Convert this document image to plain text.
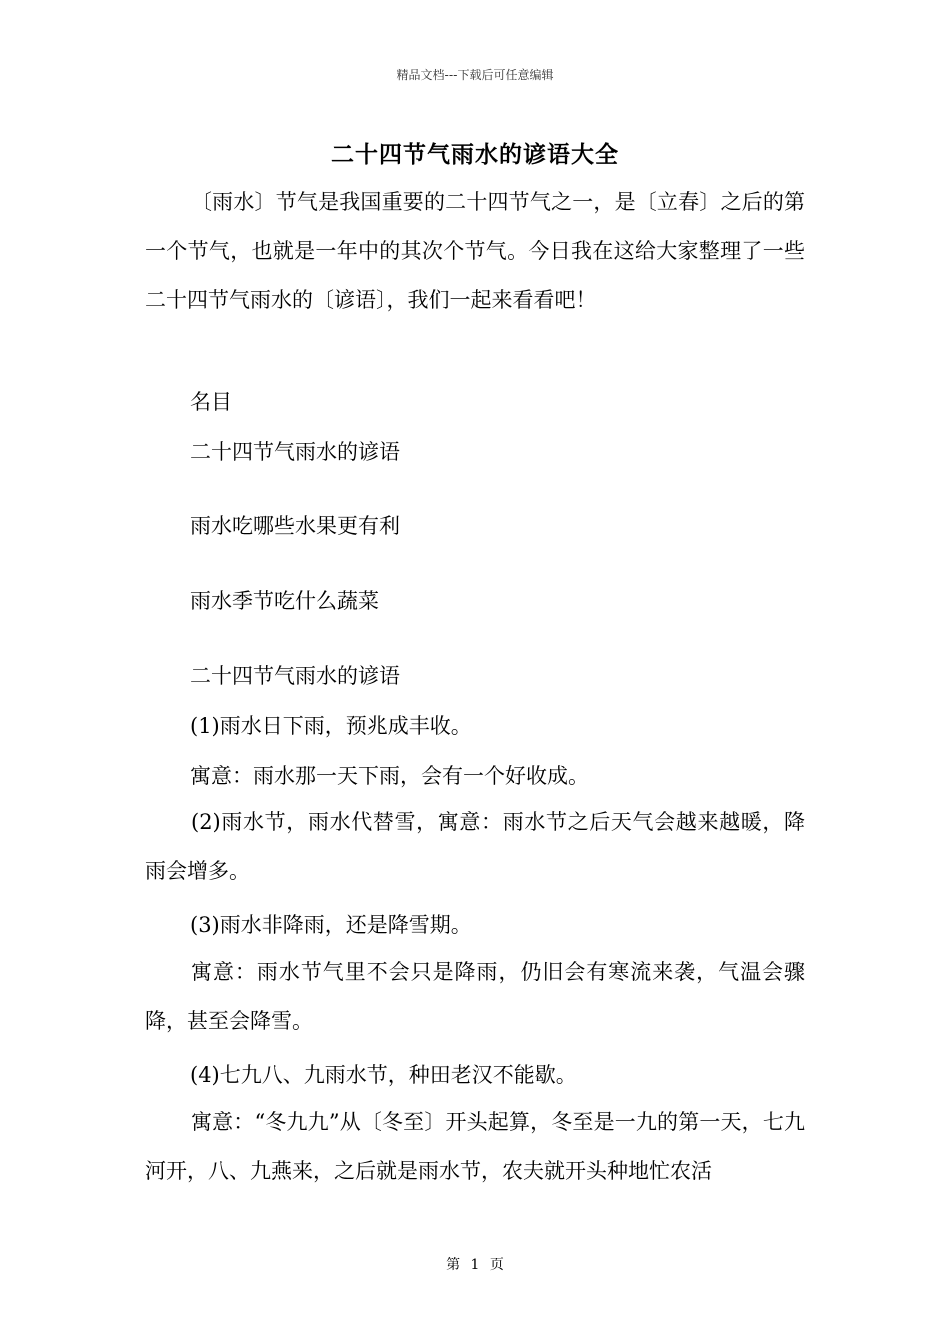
精品文档---下载后可任意编辑
二十四节气雨水的谚语大全

〔雨水〕节气是我国重要的二十四节气之一，是〔立春〕之后的第一个节气，也就是一年中的其次个节气。今日我在这给大家整理了一些二十四节气雨水的〔谚语〕，我们一起来看看吧！

名目
二十四节气雨水的谚语
雨水吃哪些水果更有利
雨水季节吃什么蔬菜
二十四节气雨水的谚语
(1)雨水日下雨，预兆成丰收。
寓意：雨水那一天下雨，会有一个好收成。

(2)雨水节，雨水代替雪，寓意：雨水节之后天气会越来越暖，降雨会增多。

(3)雨水非降雨，还是降雪期。

寓意：雨水节气里不会只是降雨，仍旧会有寒流来袭，气温会骤降，甚至会降雪。

(4)七九八、九雨水节，种田老汉不能歇。

寓意：“冬九九”从〔冬至〕开头起算，冬至是一九的第一天，七九河开，八、九燕来，之后就是雨水节，农夫就开头种地忙农活

第 1 页
